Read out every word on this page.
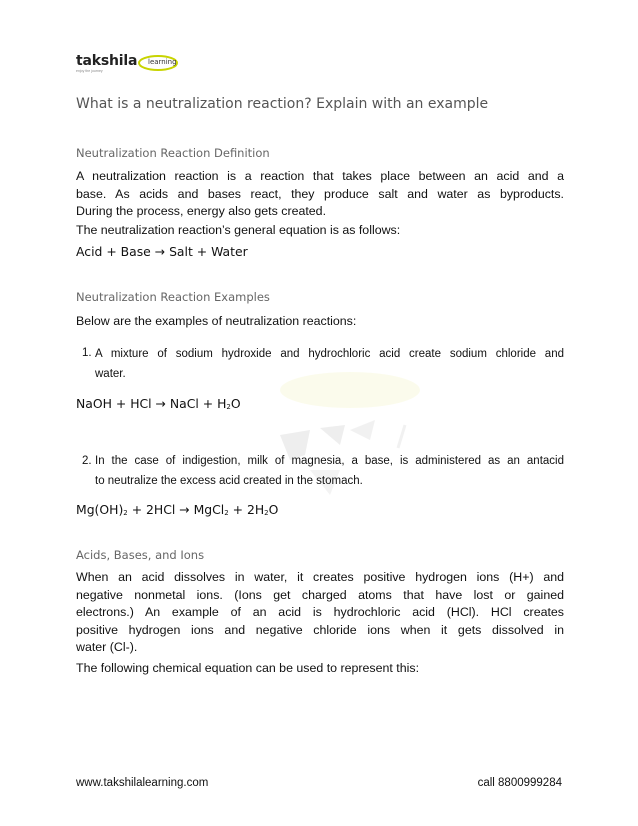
takshila learning
enjoy the journey
What is a neutralization reaction? Explain with an example
Neutralization Reaction Definition
A neutralization reaction is a reaction that takes place between an acid and a
base. As acids and bases react, they produce salt and water as byproducts.
During the process, energy also gets created.
The neutralization reaction’s general equation is as follows:
Acid + Base → Salt + Water
Neutralization Reaction Examples
Below are the examples of neutralization reactions:
1. A mixture of sodium hydroxide and hydrochloric acid create sodium chloride and
water.
NaOH + HCl → NaCl + $H_2O$
2. In the case of indigestion, milk of magnesia, a base, is administered as an antacid
to neutralize the excess acid created in the stomach.
$Mg(OH)_2 + 2HCl$ → MgCl$_2$ + $2H_2O$
Acids, Bases, and Ions
When an acid dissolves in water, it creates positive hydrogen ions (H+) and
negative nonmetal ions. (Ions get charged atoms that have lost or gained
electrons.) An example of an acid is hydrochloric acid (HCl). HCl creates
positive hydrogen ions and negative chloride ions when it gets dissolved in
water (Cl-).
The following chemical equation can be used to represent this:
www.takshilalearning.com	call 8800999284
